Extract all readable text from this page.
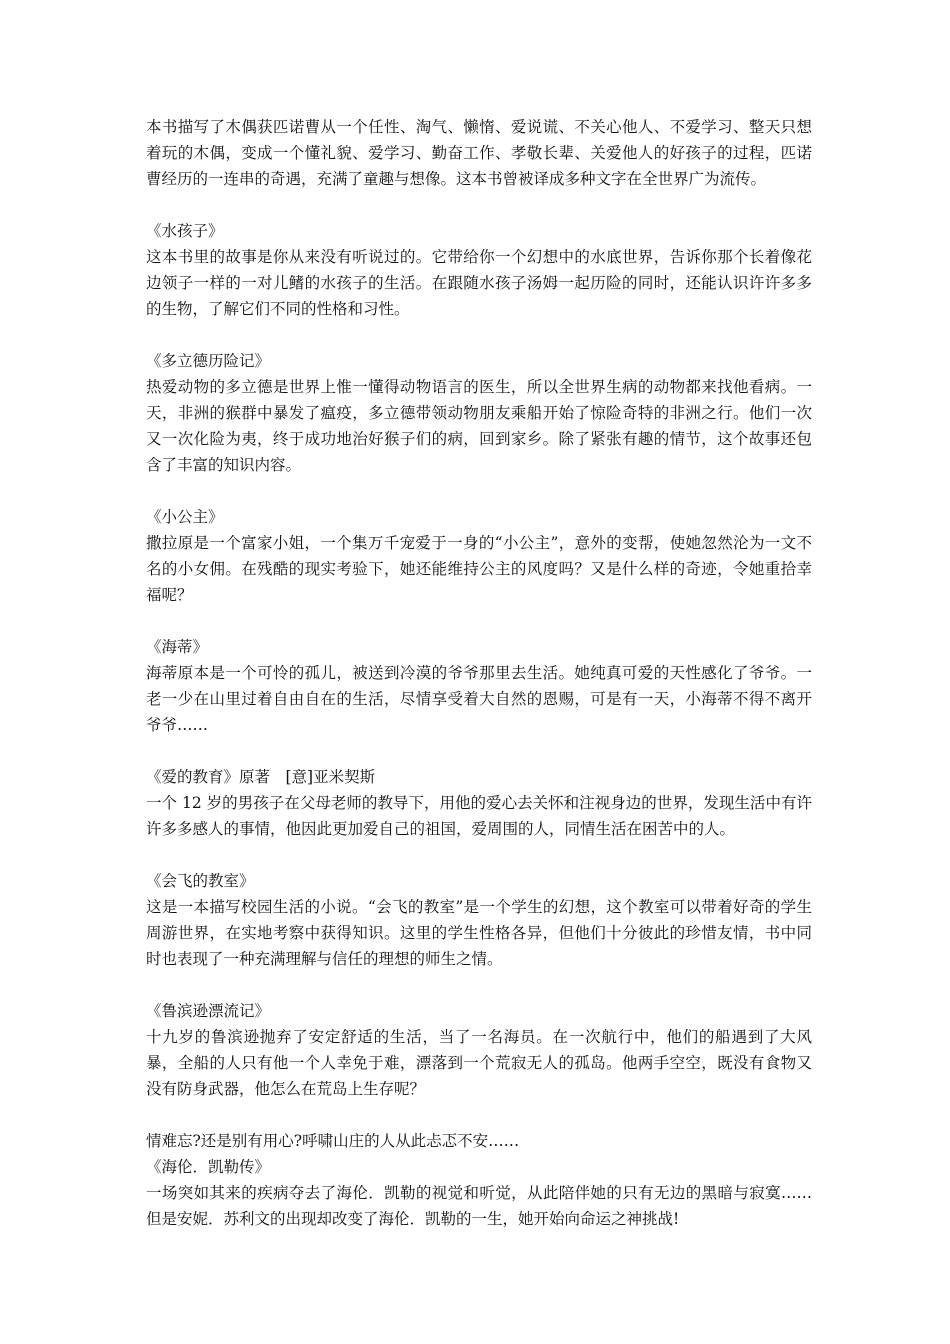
本书描写了木偶获匹诺曹从一个任性、淘气、懒惰、爱说谎、不关心他人、不爱学习、整天只想着玩的木偶，变成一个懂礼貌、爱学习、勤奋工作、孝敬长辈、关爱他人的好孩子的过程，匹诺曹经历的一连串的奇遇，充满了童趣与想像。这本书曾被译成多种文字在全世界广为流传。

《水孩子》

这本书里的故事是你从来没有听说过的。它带给你一个幻想中的水底世界，告诉你那个长着像花边领子一样的一对儿鳍的水孩子的生活。在跟随水孩子汤姆一起历险的同时，还能认识许许多多的生物，了解它们不同的性格和习性。

《多立德历险记》

热爱动物的多立德是世界上惟一懂得动物语言的医生，所以全世界生病的动物都来找他看病。一天，非洲的猴群中暴发了瘟疫，多立德带领动物朋友乘船开始了惊险奇特的非洲之行。他们一次又一次化险为夷，终于成功地治好猴子们的病，回到家乡。除了紧张有趣的情节，这个故事还包含了丰富的知识内容。

《小公主》

撒拉原是一个富家小姐，一个集万千宠爱于一身的“小公主”，意外的变帮，使她忽然沦为一文不名的小女佣。在残酷的现实考验下，她还能维持公主的风度吗？又是什么样的奇迹，令她重拾幸福呢？

《海蒂》

海蒂原本是一个可怜的孤儿，被送到冷漠的爷爷那里去生活。她纯真可爱的天性感化了爷爷。一老一少在山里过着自由自在的生活，尽情享受着大自然的恩赐，可是有一天，小海蒂不得不离开爷爷……

《爱的教育》原著　[意]亚米契斯

一个 12 岁的男孩子在父母老师的教导下，用他的爱心去关怀和注视身边的世界，发现生活中有许许多多感人的事情，他因此更加爱自己的祖国，爱周围的人，同情生活在困苦中的人。

《会飞的教室》

这是一本描写校园生活的小说。“会飞的教室”是一个学生的幻想，这个教室可以带着好奇的学生周游世界，在实地考察中获得知识。这里的学生性格各异，但他们十分彼此的珍惜友情，书中同时也表现了一种充满理解与信任的理想的师生之情。

《鲁滨逊漂流记》

十九岁的鲁滨逊抛弃了安定舒适的生活，当了一名海员。在一次航行中，他们的船遇到了大风暴，全船的人只有他一个人幸免于难，漂落到一个荒寂无人的孤岛。他两手空空，既没有食物又没有防身武器，他怎么在荒岛上生存呢？

情难忘?还是别有用心?呼啸山庄的人从此忐忑不安……

《海伦．凯勒传》

一场突如其来的疾病夺去了海伦．凯勒的视觉和听觉，从此陪伴她的只有无边的黑暗与寂寞……但是安妮．苏利文的出现却改变了海伦．凯勒的一生，她开始向命运之神挑战!
